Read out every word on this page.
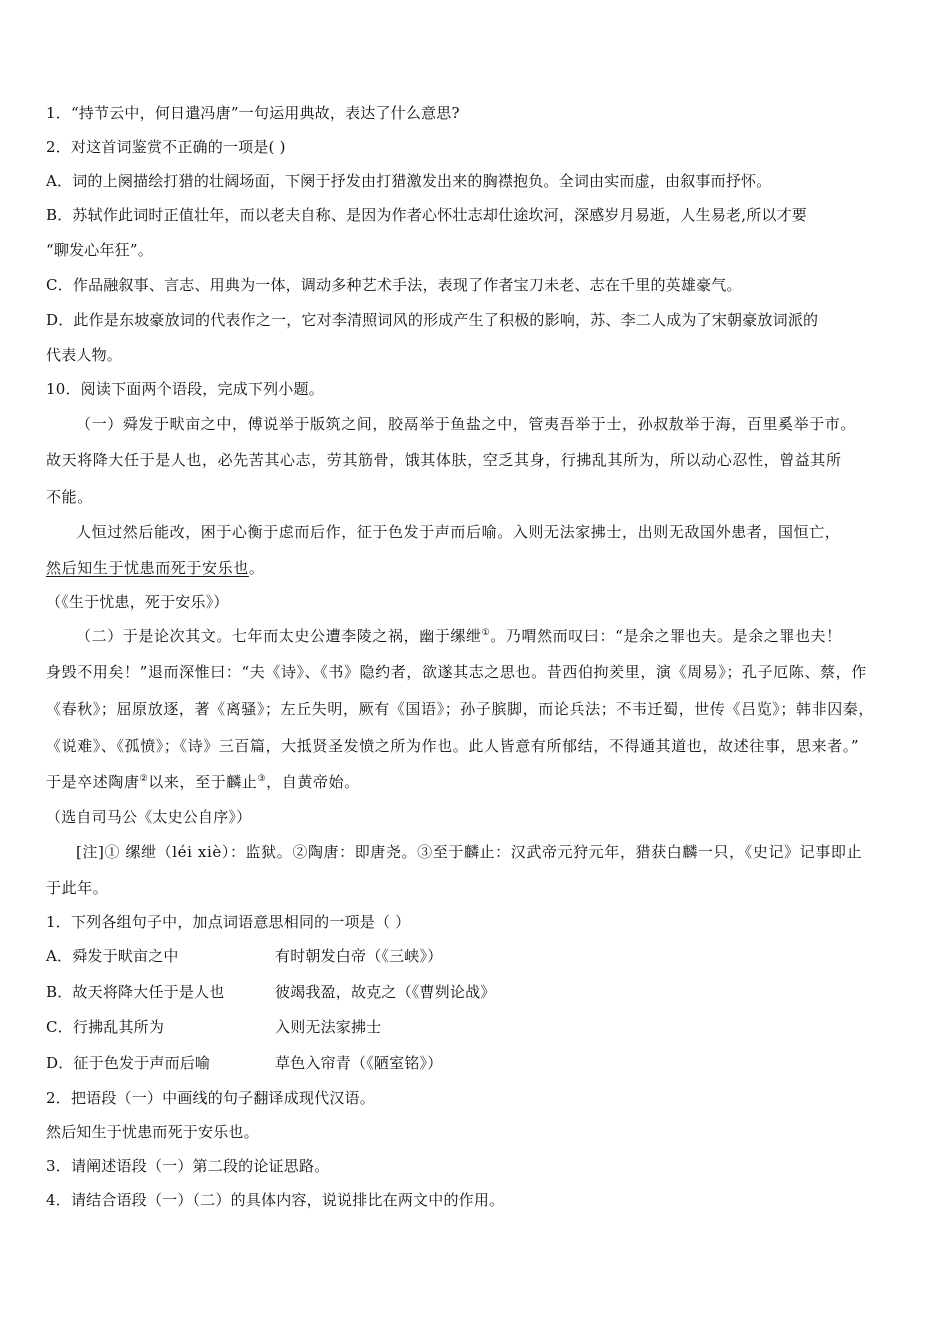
1．“持节云中，何日遣冯唐”一句运用典故，表达了什么意思?
2．对这首词鉴赏不正确的一项是( )
A．词的上阕描绘打猎的壮阔场面，下阕于抒发由打猎激发出来的胸襟抱负。全词由实而虚，由叙事而抒怀。
B．苏轼作此词时正值壮年，而以老夫自称、是因为作者心怀壮志却仕途坎河，深感岁月易逝，人生易老,所以才要
“聊发心年狂”。
C．作品融叙事、言志、用典为一体，调动多种艺术手法，表现了作者宝刀未老、志在千里的英雄豪气。
D．此作是东坡豪放词的代表作之一，它对李清照词风的形成产生了积极的影响，苏、李二人成为了宋朝豪放词派的
代表人物。
10．阅读下面两个语段，完成下列小题。
（一）舜发于畎亩之中，傅说举于版筑之间，胶鬲举于鱼盐之中，管夷吾举于士，孙叔敖举于海，百里奚举于市。
故天将降大任于是人也，必先苦其心志，劳其筋骨，饿其体肤，空乏其身，行拂乱其所为，所以动心忍性，曾益其所
不能。
人恒过然后能改，困于心衡于虑而后作，征于色发于声而后喻。入则无法家拂士，出则无敌国外患者，国恒亡，
然后知生于忧患而死于安乐也。
（《生于忧患，死于安乐》）
（二）于是论次其文。七年而太史公遭李陵之祸，幽于缧绁①。乃喟然而叹曰：“是余之罪也夫。是余之罪也夫！
身毁不用矣！”退而深惟曰：“夫《诗》、《书》隐约者，欲遂其志之思也。昔西伯拘羑里，演《周易》；孔子厄陈、蔡，作
《春秋》；屈原放逐，著《离骚》；左丘失明，厥有《国语》；孙子膑脚，而论兵法；不韦迁蜀，世传《吕览》；韩非囚秦，
《说难》、《孤愤》；《诗》三百篇，大抵贤圣发愤之所为作也。此人皆意有所郁结，不得通其道也，故述往事，思来者。”
于是卒述陶唐②以来，至于麟止③，自黄帝始。
（选自司马公《太史公自序》）
[注]① 缧绁（léi xiè）：监狱。②陶唐：即唐尧。③至于麟止：汉武帝元狩元年，猎获白麟一只，《史记》记事即止
于此年。
1．下列各组句子中，加点词语意思相同的一项是（ ）
A．舜发于畎亩之中	有时朝发白帝（《三峡》）
B．故天将降大任于是人也	彼竭我盈，故克之（《曹刿论战》
C．行拂乱其所为	入则无法家拂士
D．征于色发于声而后喻	草色入帘青（《陋室铭》）
2．把语段（一）中画线的句子翻译成现代汉语。
然后知生于忧患而死于安乐也。
3．请阐述语段（一）第二段的论证思路。
4．请结合语段（一）（二）的具体内容，说说排比在两文中的作用。
